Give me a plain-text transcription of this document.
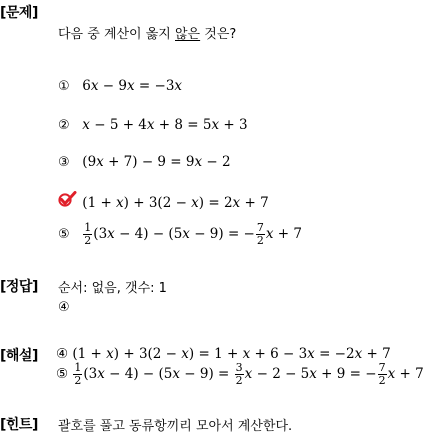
[문제]
다음 중 계산이 옳지 않은 것은?
① 6x − 9x = −3x
② x − 5 + 4x + 8 = 5x + 3
③ (9x + 7) − 9 = 9x − 2
(1 + x) + 3(2 − x) = 2x + 7
⑤ $\frac{1}{2} (3x - 4) - (5x - 9)$ = − $\frac{7}{2}$ x + 7
[정답] 순서: 없음, 갯수: 1
④
[해설] ④ (1 + x) + 3(2 − x) = 1 + x + 6 − 3x = −2x + 7
⑤ $\frac{1}{2} (3x - 4) - (5x - 9) = \frac{3}{2}$ x − 2 − 5x + 9 = − $\frac{7}{2}$ x + 7
[힌트] 괄호를 풀고 동류항끼리 모아서 계산한다.
